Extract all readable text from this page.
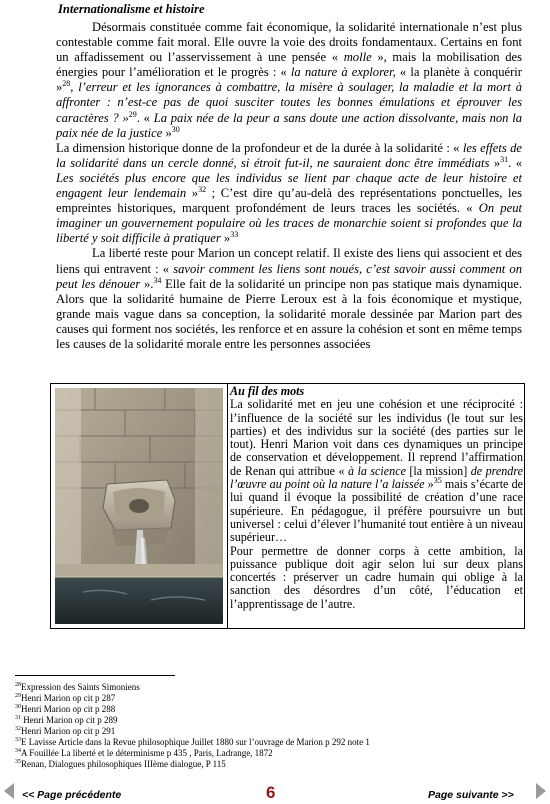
Internationalisme et histoire

Désormais constituée comme fait économique, la solidarité internationale n’est plus contestable comme fait moral. Elle ouvre la voie des droits fondamentaux. Certains en font un affadissement ou l’asservissement à une pensée « molle », mais la mobilisation des énergies pour l’amélioration et le progrès : « la nature à explorer, « la planète à conquérir »$^{28}$, l’erreur et les ignorances à combattre, la misère à soulager, la maladie et la mort à affronter : n’est-ce pas de quoi susciter toutes les bonnes émulations et éprouver les caractères ? »$^{29}$. « La paix née de la peur a sans doute une action dissolvante, mais non la paix née de la justice »$^{30}$

La dimension historique donne de la profondeur et de la durée à la solidarité : « les effets de la solidarité dans un cercle donné, si étroit fut-il, ne sauraient donc être immédiats »$^{31}$. « Les sociétés plus encore que les individus se lient par chaque acte de leur histoire et engagent leur lendemain »$^{32}$ ; C’est dire qu’au-delà des représentations ponctuelles, les empreintes historiques, marquent profondément de leurs traces les sociétés. « On peut imaginer un gouvernement populaire où les traces de monarchie soient si profondes que la liberté y soit difficile à pratiquer »$^{33}$

La liberté reste pour Marion un concept relatif. Il existe des liens qui associent et des liens qui entravent : « savoir comment les liens sont noués, c’est savoir aussi comment on peut les dénouer ».$^{34}$ Elle fait de la solidarité un principe non pas statique mais dynamique. Alors que la solidarité humaine de Pierre Leroux est à la fois économique et mystique, grande mais vague dans sa conception, la solidarité morale dessinée par Marion part des causes qui forment nos sociétés, les renforce et en assure la cohésion et sont en même temps les causes de la solidarité morale entre les personnes associées

Au fil des mots

La solidarité met en jeu une cohésion et une réciprocité : l’influence de la société sur les individus (le tout sur les parties) et des individus sur la société (des parties sur le tout). Henri Marion voit dans ces dynamiques un principe de conservation et développement. Il reprend l’affirmation de Renan qui attribue « à la science [la mission] de prendre l’œuvre au point où la nature l’a laissée »$^{35}$ mais s’écarte de lui quand il évoque la possibilité de création d’une race supérieure. En pédagogue, il préfère poursuivre un but universel : celui d’élever l’humanité tout entière à un niveau supérieur…

Pour permettre de donner corps à cette ambition, la puissance publique doit agir selon lui sur deux plans concertés : préserver un cadre humain qui oblige à la sanction des désordres d’un côté, l’éducation et l’apprentissage de l’autre.

$^{28}$Expression des Saints Simoniens
$^{29}$Henri Marion op cit p 287
$^{30}$Henri Marion op cit p 288
$^{31}$ Henri Marion op cit p 289
$^{32}$Henri Marion op cit p 291
$^{33}$E Lavisse Article dans la Revue philosophique Juillet 1880 sur l’ouvrage de Marion p 292 note 1
$^{34}$A Fouillée La liberté et le déterminisme p 435 , Paris, Ladrange, 1872
$^{35}$Renan, Dialogues philosophiques IIIème dialogue, P 115
<< Page précédente	6	Page suivante >>
